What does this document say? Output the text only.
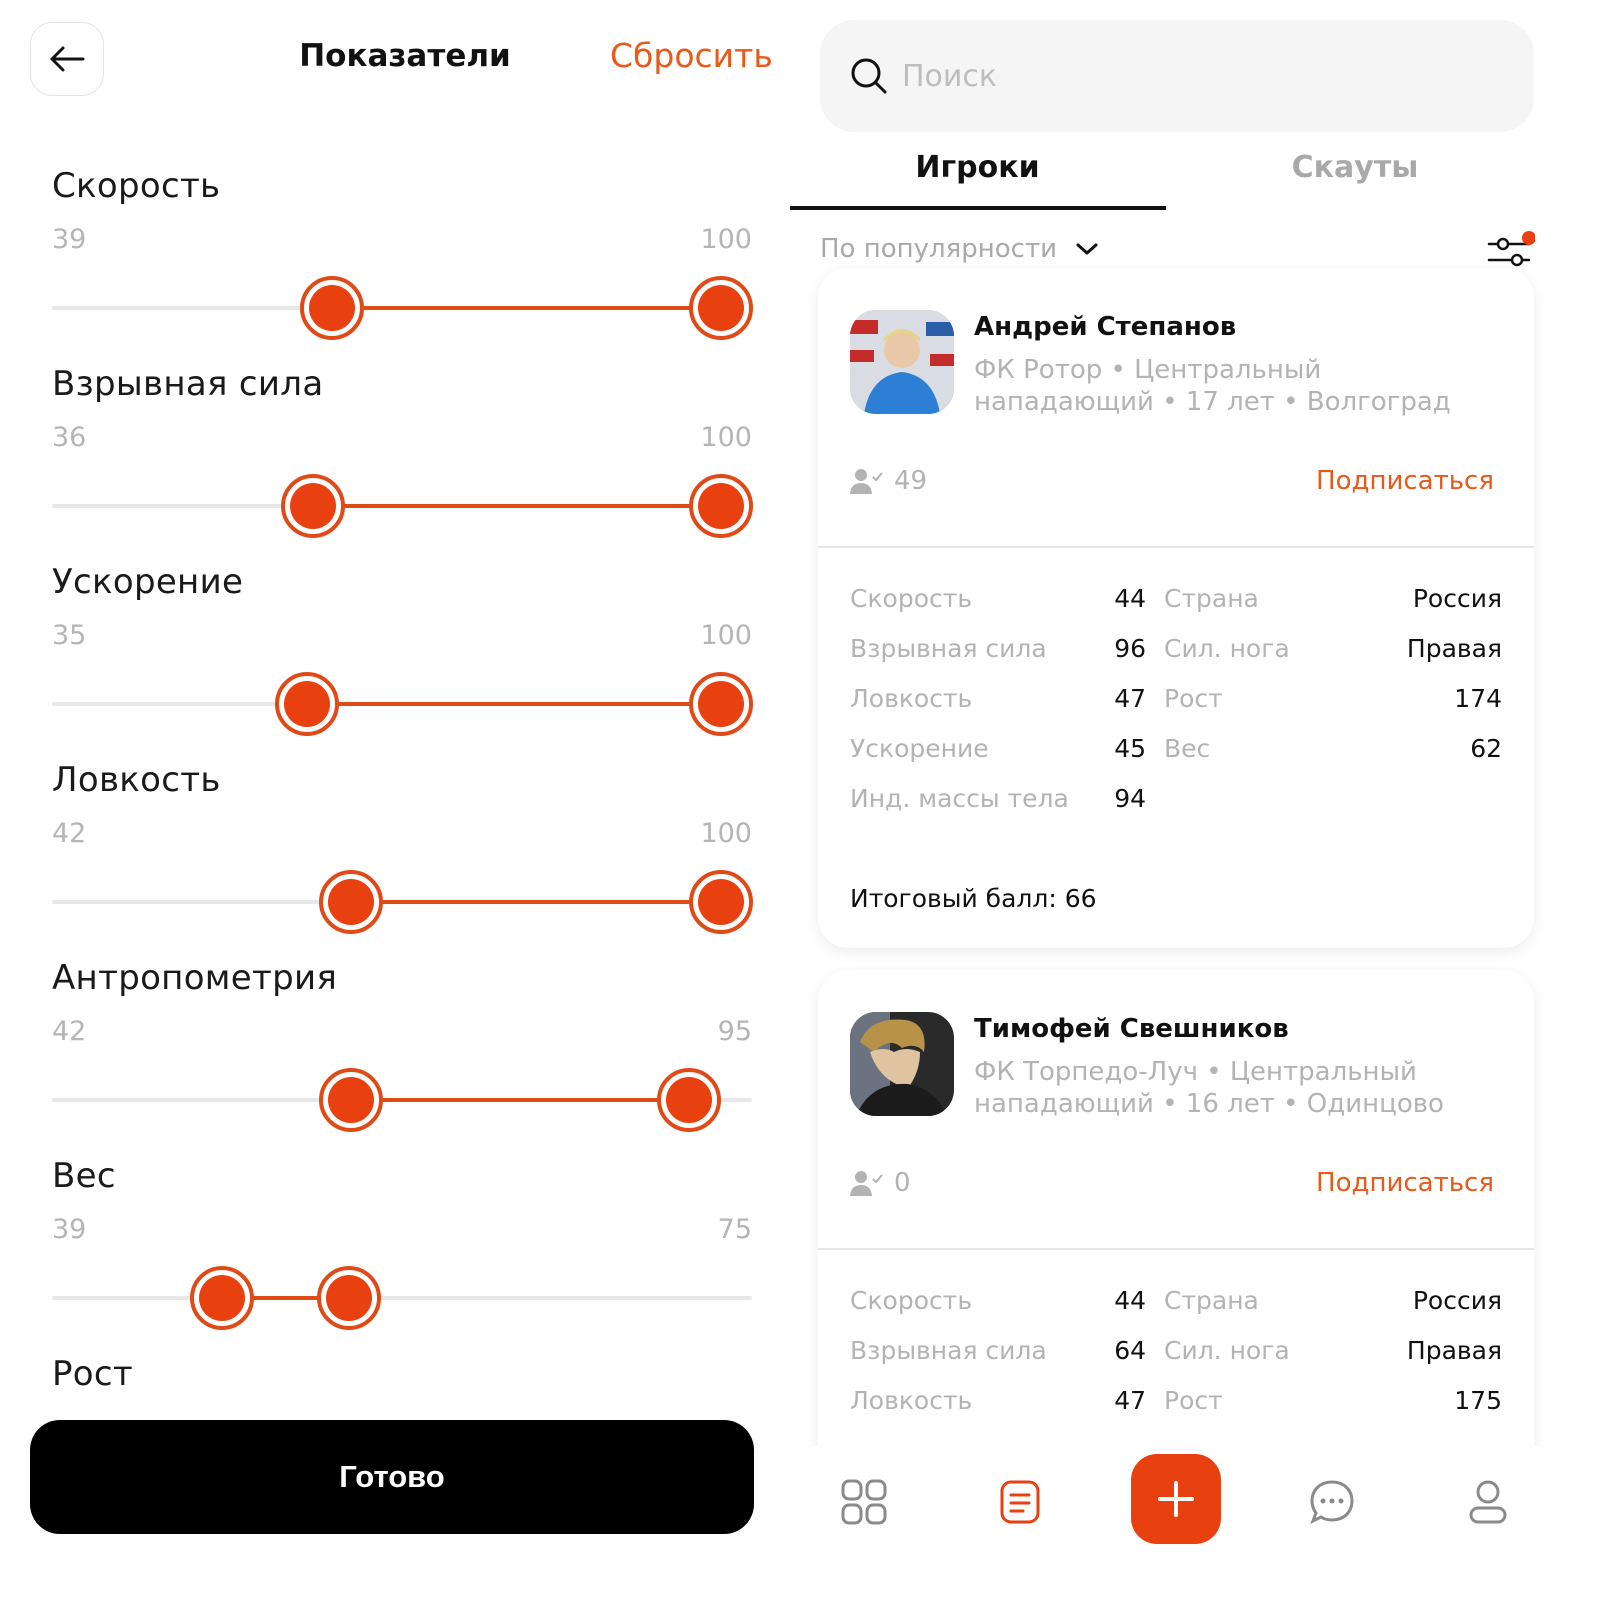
Показатели	Сбросить
Скорость
39	100
Взрывная сила
36	100
Ускорение
35	100
Ловкость
42	100
Антропометрия
42	95
Вес
39	75
Рост
Готово
Поиск
Игроки	Скауты
По популярности
Андрей Степанов
ФК Ротор • Центральный
нападающий • 17 лет • Волгоград
49	Подписаться
Скорость	44 Страна	Россия
Взрывная сила	96 Сил. нога	Правая
Ловкость	47 Рост	174
Ускорение	45 Вес	62
Инд. массы тела 94
Итоговый балл: 66
Тимофей Свешников
ФК Торпедо-Луч • Центральный
нападающий • 16 лет • Одинцово
0	Подписаться
Скорость	44 Страна	Россия
Взрывная сила	64 Сил. нога	Правая
Ловкость	47 Рост	175
